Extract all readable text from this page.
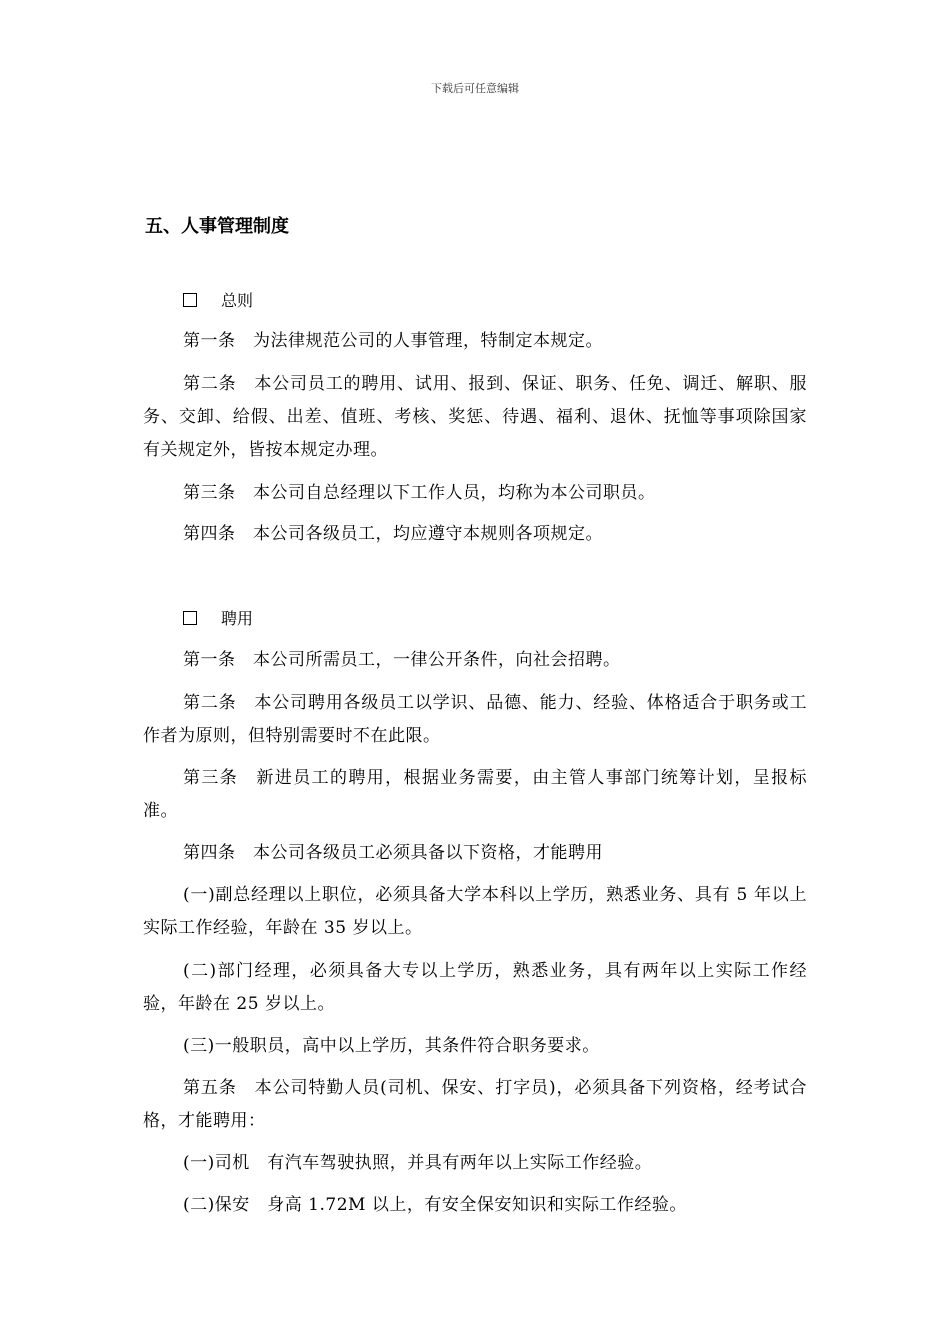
下载后可任意编辑
五、人事管理制度
总则
第一条　为法律规范公司的人事管理，特制定本规定。
第二条　本公司员工的聘用、试用、报到、保证、职务、任免、调迁、解职、服务、交卸、给假、出差、值班、考核、奖惩、待遇、福利、退休、抚恤等事项除国家有关规定外，皆按本规定办理。
第三条　本公司自总经理以下工作人员，均称为本公司职员。
第四条　本公司各级员工，均应遵守本规则各项规定。
聘用
第一条　本公司所需员工，一律公开条件，向社会招聘。
第二条　本公司聘用各级员工以学识、品德、能力、经验、体格适合于职务或工作者为原则，但特别需要时不在此限。
第三条　新进员工的聘用，根据业务需要，由主管人事部门统筹计划，呈报标准。
第四条　本公司各级员工必须具备以下资格，才能聘用
(一)副总经理以上职位，必须具备大学本科以上学历，熟悉业务、具有 5 年以上实际工作经验，年龄在 35 岁以上。
(二)部门经理，必须具备大专以上学历，熟悉业务，具有两年以上实际工作经验，年龄在 25 岁以上。
(三)一般职员，高中以上学历，其条件符合职务要求。
第五条　本公司特勤人员(司机、保安、打字员)，必须具备下列资格，经考试合格，才能聘用：
(一)司机　有汽车驾驶执照，并具有两年以上实际工作经验。
(二)保安　身高 1.72M 以上，有安全保安知识和实际工作经验。
